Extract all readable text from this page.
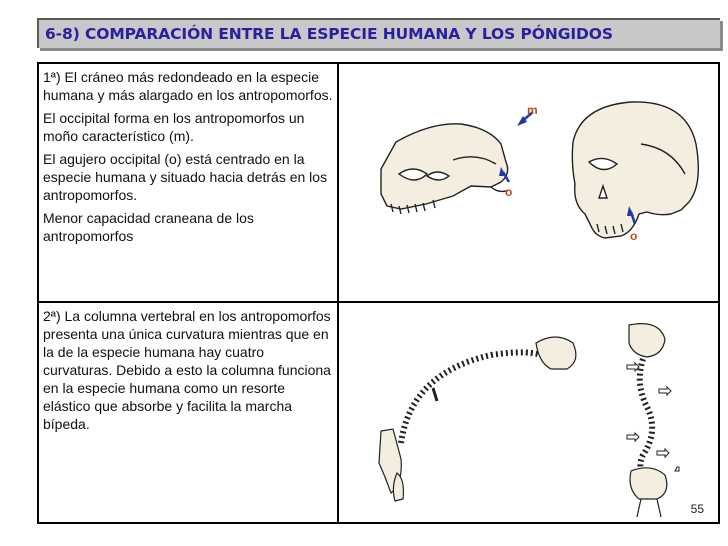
6-8) COMPARACIÓN ENTRE LA ESPECIE HUMANA Y LOS PÓNGIDOS

1ª) El cráneo más redondeado en la especie humana y más alargado en los antropomorfos.

El occipital forma en los antropomorfos un moño característico (m).

El agujero occipital (o) está centrado en la especie humana y situado hacia detrás en los antropomorfos.

Menor capacidad craneana de los antropomorfos

m
o
o

2ª) La columna vertebral en los antropomorfos presenta una única curvatura mientras que en la de la especie humana hay cuatro curvaturas. Debido a esto la columna funciona en la especie humana como un resorte elástico que absorbe y facilita la marcha bípeda.

55
